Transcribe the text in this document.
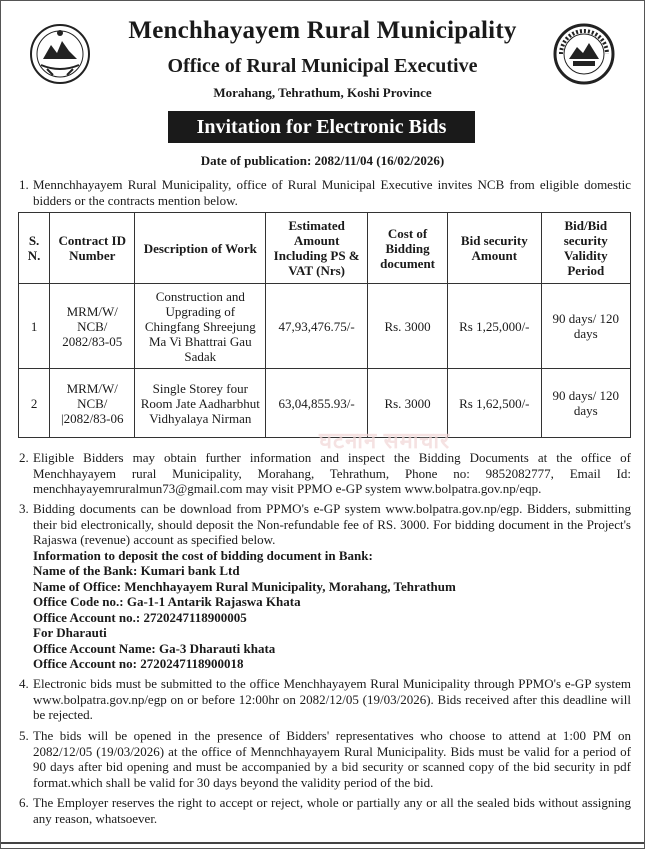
Menchhayayem Rural Municipality
Office of Rural Municipal Executive
Morahang, Tehrathum, Koshi Province
Invitation for Electronic Bids
Date of publication: 2082/11/04 (16/02/2026)
1. Mennchhayayem Rural Municipality, office of Rural Municipal Executive invites NCB from eligible domestic bidders or the contracts mention below.
S. N.	Contract ID Number	Description of Work	Estimated Amount Including PS & VAT (Nrs)	Cost of Bidding document	Bid security Amount	Bid/Bid security Validity Period
1	MRM/W/ NCB/ 2082/83-05	Construction and Upgrading of Chingfang Shreejung Ma Vi Bhattrai Gau Sadak	47,93,476.75/-	Rs. 3000	Rs 1,25,000/-	90 days/ 120 days
2	MRM/W/ NCB/ |2082/83-06	Single Storey four Room Jate Aadharbhut Vidhyalaya Nirman	63,04,855.93/-	Rs. 3000	Rs 1,62,500/-	90 days/ 120 days
घटनान समाचार
2. Eligible Bidders may obtain further information and inspect the Bidding Documents at the office of Menchhayayem rural Municipality, Morahang, Tehrathum, Phone no: 9852082777, Email Id: menchhayayemruralmun73@gmail.com may visit PPMO e-GP system www.bolpatra.gov.np/eqp.
3. Bidding documents can be download from PPMO's e-GP system www.bolpatra.gov.np/egp. Bidders, submitting their bid electronically, should deposit the Non-refundable fee of RS. 3000. For bidding document in the Project's Rajaswa (revenue) account as specified below.
Information to deposit the cost of bidding document in Bank:
Name of the Bank: Kumari bank Ltd
Name of Office: Menchhayayem Rural Municipality, Morahang, Tehrathum
Office Code no.: Ga-1-1 Antarik Rajaswa Khata
Office Account no.: 2720247118900005
For Dharauti
Office Account Name: Ga-3 Dharauti khata
Office Account no: 2720247118900018
4. Electronic bids must be submitted to the office Menchhayayem Rural Municipality through PPMO's e-GP system www.bolpatra.gov.np/egp on or before 12:00hr on 2082/12/05 (19/03/2026). Bids received after this deadline will be rejected.
5. The bids will be opened in the presence of Bidders' representatives who choose to attend at 1:00 PM on 2082/12/05 (19/03/2026) at the office of Mennchhayayem Rural Municipality. Bids must be valid for a period of 90 days after bid opening and must be accompanied by a bid security or scanned copy of the bid security in pdf format.which shall be valid for 30 days beyond the validity period of the bid.
6. The Employer reserves the right to accept or reject, whole or partially any or all the sealed bids without assigning any reason, whatsoever.
